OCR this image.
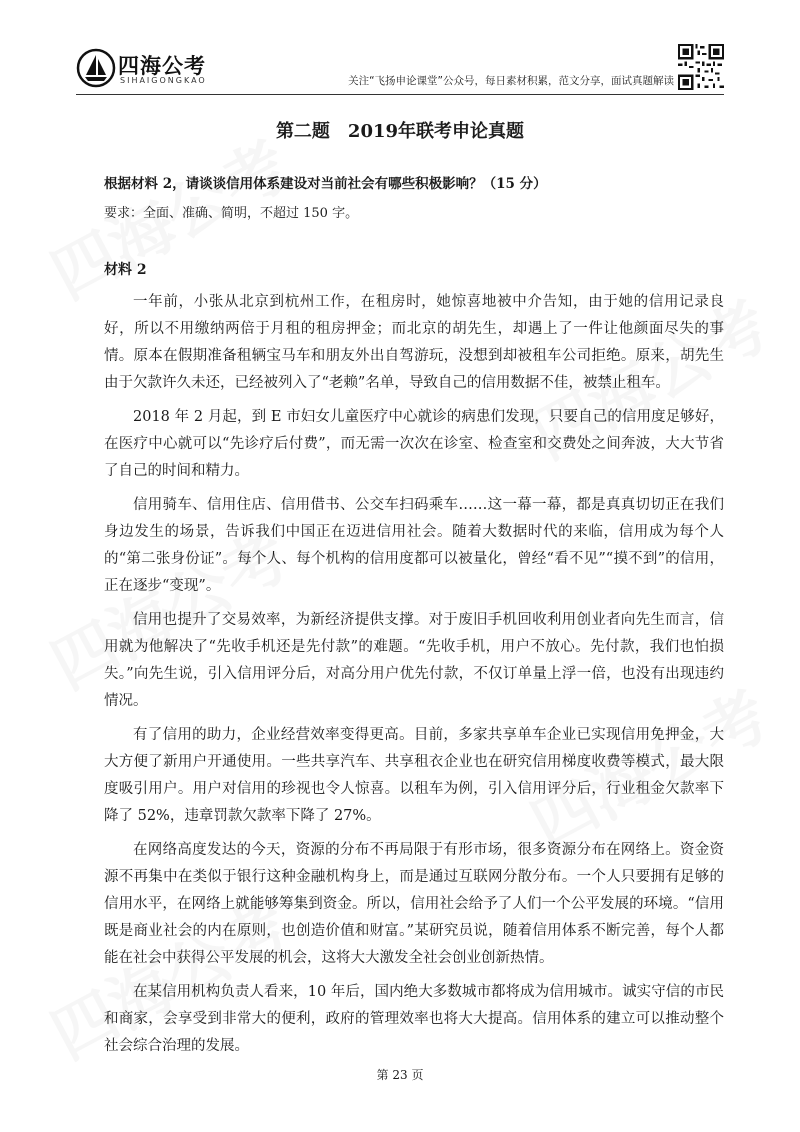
四海公考
SIHAIGONGKAO	关注“飞扬申论课堂”公众号，每日素材积累，范文分享，面试真题解读
第二题　2019年联考申论真题
根据材料 2，请谈谈信用体系建设对当前社会有哪些积极影响？（15 分）
要求：全面、准确、简明，不超过 150 字。
材料 2

一年前，小张从北京到杭州工作，在租房时，她惊喜地被中介告知，由于她的信用记录良好，所以不用缴纳两倍于月租的租房押金；而北京的胡先生，却遇上了一件让他颜面尽失的事情。原本在假期准备租辆宝马车和朋友外出自驾游玩，没想到却被租车公司拒绝。原来，胡先生由于欠款许久未还，已经被列入了“老赖”名单，导致自己的信用数据不佳，被禁止租车。

2018 年 2 月起，到 E 市妇女儿童医疗中心就诊的病患们发现，只要自己的信用度足够好，在医疗中心就可以“先诊疗后付费”，而无需一次次在诊室、检查室和交费处之间奔波，大大节省了自己的时间和精力。

信用骑车、信用住店、信用借书、公交车扫码乘车……这一幕一幕，都是真真切切正在我们身边发生的场景，告诉我们中国正在迈进信用社会。随着大数据时代的来临，信用成为每个人的“第二张身份证”。每个人、每个机构的信用度都可以被量化，曾经“看不见”“摸不到”的信用，正在逐步“变现”。

信用也提升了交易效率，为新经济提供支撑。对于废旧手机回收利用创业者向先生而言，信用就为他解决了“先收手机还是先付款”的难题。“先收手机，用户不放心。先付款，我们也怕损失。”向先生说，引入信用评分后，对高分用户优先付款，不仅订单量上浮一倍，也没有出现违约情况。

有了信用的助力，企业经营效率变得更高。目前，多家共享单车企业已实现信用免押金，大大方便了新用户开通使用。一些共享汽车、共享租衣企业也在研究信用梯度收费等模式，最大限度吸引用户。用户对信用的珍视也令人惊喜。以租车为例，引入信用评分后，行业租金欠款率下降了 52%，违章罚款欠款率下降了 27%。

在网络高度发达的今天，资源的分布不再局限于有形市场，很多资源分布在网络上。资金资源不再集中在类似于银行这种金融机构身上，而是通过互联网分散分布。一个人只要拥有足够的信用水平，在网络上就能够筹集到资金。所以，信用社会给予了人们一个公平发展的环境。“信用既是商业社会的内在原则，也创造价值和财富。”某研究员说，随着信用体系不断完善，每个人都能在社会中获得公平发展的机会，这将大大激发全社会创业创新热情。

在某信用机构负责人看来，10 年后，国内绝大多数城市都将成为信用城市。诚实守信的市民和商家，会享受到非常大的便利，政府的管理效率也将大大提高。信用体系的建立可以推动整个社会综合治理的发展。

第 23 页
